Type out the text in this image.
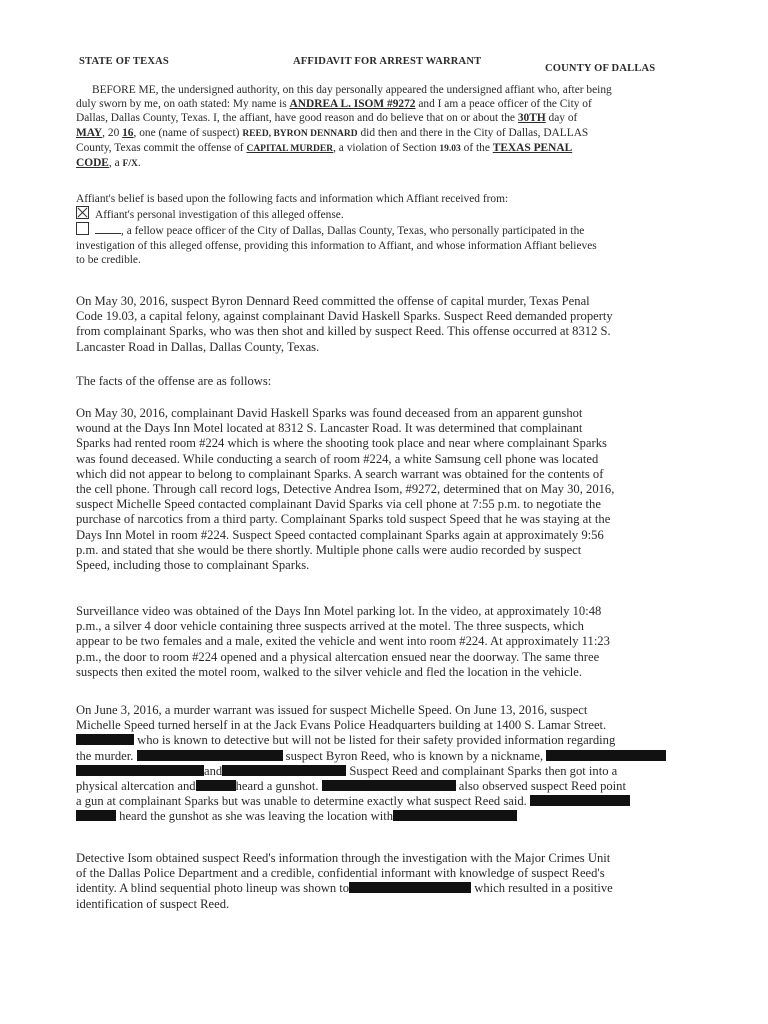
STATE OF TEXAS	AFFIDAVIT FOR ARREST WARRANT
COUNTY OF DALLAS
BEFORE ME, the undersigned authority, on this day personally appeared the undersigned affiant who, after being
duly sworn by me, on oath stated: My name is ANDREA L. ISOM #9272 and I am a peace officer of the City of
Dallas, Dallas County, Texas. I, the affiant, have good reason and do believe that on or about the 30TH day of
MAY, 20 16, one (name of suspect) REED, BYRON DENNARD did then and there in the City of Dallas, DALLAS
County, Texas commit the offense of CAPITAL MURDER, a violation of Section 19.03 of the TEXAS PENAL
CODE, a F/X.
Affiant's belief is based upon the following facts and information which Affiant received from:
Affiant's personal investigation of this alleged offense.
, a fellow peace officer of the City of Dallas, Dallas County, Texas, who personally participated in the
investigation of this alleged offense, providing this information to Affiant, and whose information Affiant believes
to be credible.
On May 30, 2016, suspect Byron Dennard Reed committed the offense of capital murder, Texas Penal
Code 19.03, a capital felony, against complainant David Haskell Sparks. Suspect Reed demanded property
from complainant Sparks, who was then shot and killed by suspect Reed. This offense occurred at 8312 S.
Lancaster Road in Dallas, Dallas County, Texas.
The facts of the offense are as follows:
On May 30, 2016, complainant David Haskell Sparks was found deceased from an apparent gunshot
wound at the Days Inn Motel located at 8312 S. Lancaster Road. It was determined that complainant
Sparks had rented room #224 which is where the shooting took place and near where complainant Sparks
was found deceased. While conducting a search of room #224, a white Samsung cell phone was located
which did not appear to belong to complainant Sparks. A search warrant was obtained for the contents of
the cell phone. Through call record logs, Detective Andrea Isom, #9272, determined that on May 30, 2016,
suspect Michelle Speed contacted complainant David Sparks via cell phone at 7:55 p.m. to negotiate the
purchase of narcotics from a third party. Complainant Sparks told suspect Speed that he was staying at the
Days Inn Motel in room #224. Suspect Speed contacted complainant Sparks again at approximately 9:56
p.m. and stated that she would be there shortly. Multiple phone calls were audio recorded by suspect
Speed, including those to complainant Sparks.
Surveillance video was obtained of the Days Inn Motel parking lot. In the video, at approximately 10:48
p.m., a silver 4 door vehicle containing three suspects arrived at the motel. The three suspects, which
appear to be two females and a male, exited the vehicle and went into room #224. At approximately 11:23
p.m., the door to room #224 opened and a physical altercation ensued near the doorway. The same three
suspects then exited the motel room, walked to the silver vehicle and fled the location in the vehicle.
On June 3, 2016, a murder warrant was issued for suspect Michelle Speed. On June 13, 2016, suspect
Michelle Speed turned herself in at the Jack Evans Police Headquarters building at 1400 S. Lamar Street.
who is known to detective but will not be listed for their safety provided information regarding
the murder.	suspect Byron Reed, who is known by a nickname,
and	Suspect Reed and complainant Sparks then got into a
physical altercation and	heard a gunshot.	also observed suspect Reed point
a gun at complainant Sparks but was unable to determine exactly what suspect Reed said.
heard the gunshot as she was leaving the location with
Detective Isom obtained suspect Reed's information through the investigation with the Major Crimes Unit
of the Dallas Police Department and a credible, confidential informant with knowledge of suspect Reed's
identity. A blind sequential photo lineup was shown to	which resulted in a positive
identification of suspect Reed.
